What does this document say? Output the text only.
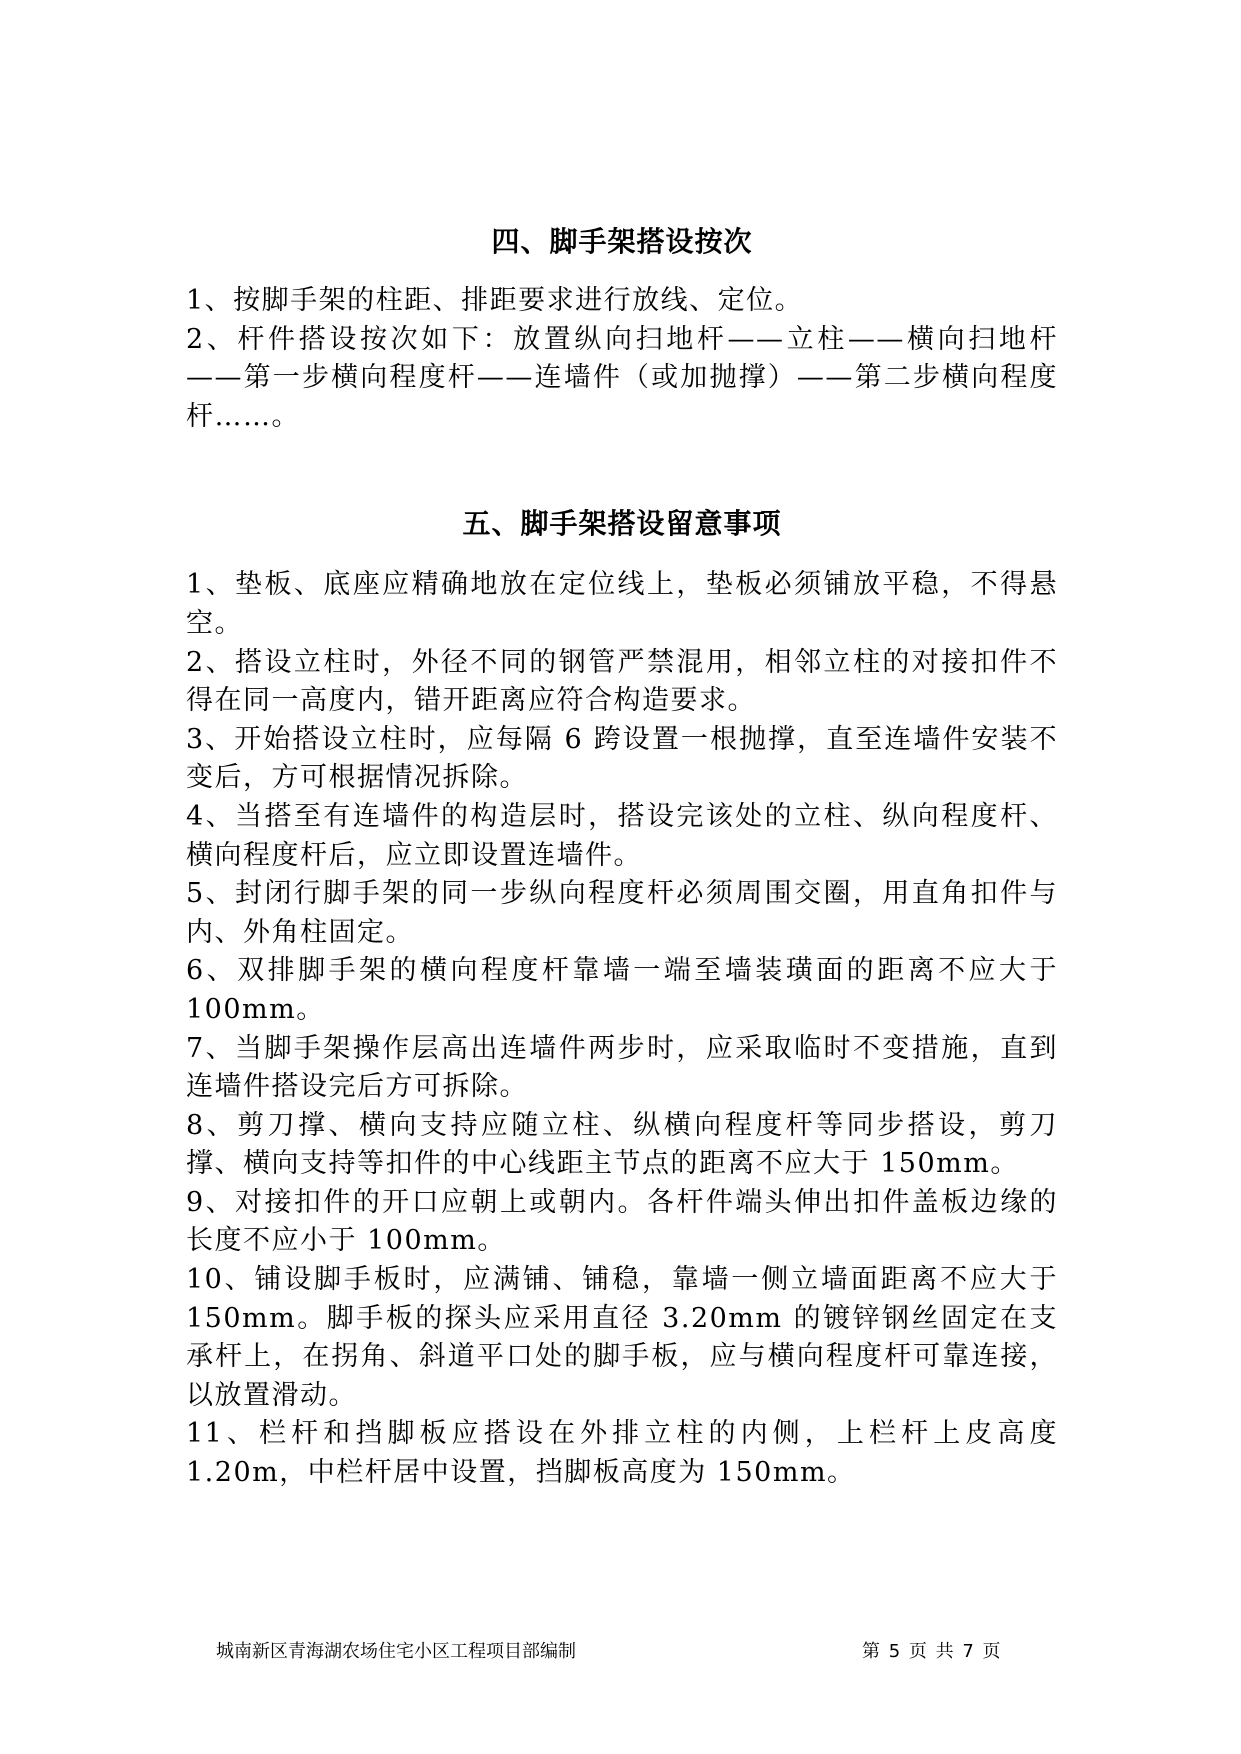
四、脚手架搭设按次

1、按脚手架的柱距、排距要求进行放线、定位。

2、杆件搭设按次如下：放置纵向扫地杆——立柱——横向扫地杆——第一步横向程度杆——连墙件（或加抛撑）——第二步横向程度杆……。

五、脚手架搭设留意事项

1、垫板、底座应精确地放在定位线上，垫板必须铺放平稳，不得悬空。

2、搭设立柱时，外径不同的钢管严禁混用，相邻立柱的对接扣件不得在同一高度内，错开距离应符合构造要求。

3、开始搭设立柱时，应每隔 6 跨设置一根抛撑，直至连墙件安装不变后，方可根据情况拆除。

4、当搭至有连墙件的构造层时，搭设完该处的立柱、纵向程度杆、横向程度杆后，应立即设置连墙件。

5、封闭行脚手架的同一步纵向程度杆必须周围交圈，用直角扣件与内、外角柱固定。

6、双排脚手架的横向程度杆靠墙一端至墙装璜面的距离不应大于 100mm。

7、当脚手架操作层高出连墙件两步时，应采取临时不变措施，直到连墙件搭设完后方可拆除。

8、剪刀撑、横向支持应随立柱、纵横向程度杆等同步搭设，剪刀撑、横向支持等扣件的中心线距主节点的距离不应大于 150mm。

9、对接扣件的开口应朝上或朝内。各杆件端头伸出扣件盖板边缘的长度不应小于 100mm。

10、铺设脚手板时，应满铺、铺稳，靠墙一侧立墙面距离不应大于 150mm。脚手板的探头应采用直径 3.20mm 的镀锌钢丝固定在支承杆上，在拐角、斜道平口处的脚手板，应与横向程度杆可靠连接，以放置滑动。

11、栏杆和挡脚板应搭设在外排立柱的内侧，上栏杆上皮高度 1.20m，中栏杆居中设置，挡脚板高度为 150mm。

城南新区青海湖农场住宅小区工程项目部编制	第 5 页 共 7 页
